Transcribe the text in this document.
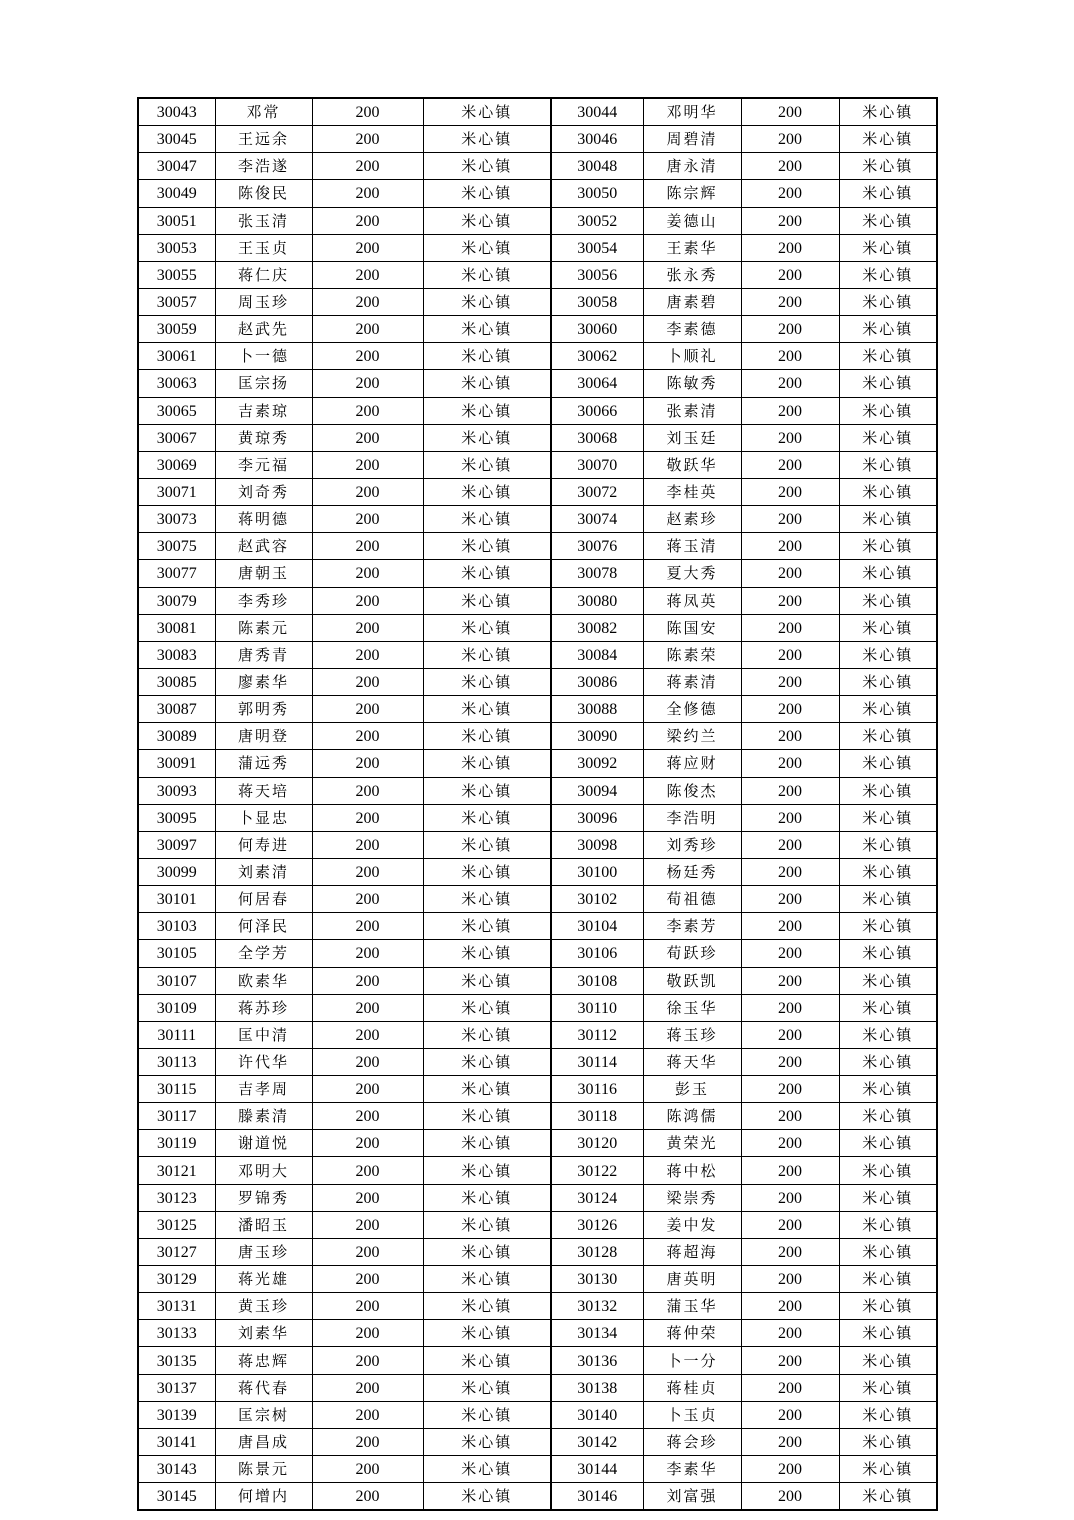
30043	邓常	200	米心镇	30044	邓明华	200	米心镇
30045	王远余	200	米心镇	30046	周碧清	200	米心镇
30047	李浩遂	200	米心镇	30048	唐永清	200	米心镇
30049	陈俊民	200	米心镇	30050	陈宗辉	200	米心镇
30051	张玉清	200	米心镇	30052	姜德山	200	米心镇
30053	王玉贞	200	米心镇	30054	王素华	200	米心镇
30055	蒋仁庆	200	米心镇	30056	张永秀	200	米心镇
30057	周玉珍	200	米心镇	30058	唐素碧	200	米心镇
30059	赵武先	200	米心镇	30060	李素德	200	米心镇
30061	卜一德	200	米心镇	30062	卜顺礼	200	米心镇
30063	匡宗扬	200	米心镇	30064	陈敏秀	200	米心镇
30065	吉素琼	200	米心镇	30066	张素清	200	米心镇
30067	黄琼秀	200	米心镇	30068	刘玉廷	200	米心镇
30069	李元福	200	米心镇	30070	敬跃华	200	米心镇
30071	刘奇秀	200	米心镇	30072	李桂英	200	米心镇
30073	蒋明德	200	米心镇	30074	赵素珍	200	米心镇
30075	赵武容	200	米心镇	30076	蒋玉清	200	米心镇
30077	唐朝玉	200	米心镇	30078	夏大秀	200	米心镇
30079	李秀珍	200	米心镇	30080	蒋凤英	200	米心镇
30081	陈素元	200	米心镇	30082	陈国安	200	米心镇
30083	唐秀青	200	米心镇	30084	陈素荣	200	米心镇
30085	廖素华	200	米心镇	30086	蒋素清	200	米心镇
30087	郭明秀	200	米心镇	30088	全修德	200	米心镇
30089	唐明登	200	米心镇	30090	梁约兰	200	米心镇
30091	蒲远秀	200	米心镇	30092	蒋应财	200	米心镇
30093	蒋天培	200	米心镇	30094	陈俊杰	200	米心镇
30095	卜显忠	200	米心镇	30096	李浩明	200	米心镇
30097	何寿进	200	米心镇	30098	刘秀珍	200	米心镇
30099	刘素清	200	米心镇	30100	杨廷秀	200	米心镇
30101	何居春	200	米心镇	30102	荀祖德	200	米心镇
30103	何泽民	200	米心镇	30104	李素芳	200	米心镇
30105	全学芳	200	米心镇	30106	荀跃珍	200	米心镇
30107	欧素华	200	米心镇	30108	敬跃凯	200	米心镇
30109	蒋苏珍	200	米心镇	30110	徐玉华	200	米心镇
30111	匡中清	200	米心镇	30112	蒋玉珍	200	米心镇
30113	许代华	200	米心镇	30114	蒋天华	200	米心镇
30115	吉孝周	200	米心镇	30116	彭玉	200	米心镇
30117	滕素清	200	米心镇	30118	陈鸿儒	200	米心镇
30119	谢道悦	200	米心镇	30120	黄荣光	200	米心镇
30121	邓明大	200	米心镇	30122	蒋中松	200	米心镇
30123	罗锦秀	200	米心镇	30124	梁崇秀	200	米心镇
30125	潘昭玉	200	米心镇	30126	姜中发	200	米心镇
30127	唐玉珍	200	米心镇	30128	蒋超海	200	米心镇
30129	蒋光雄	200	米心镇	30130	唐英明	200	米心镇
30131	黄玉珍	200	米心镇	30132	蒲玉华	200	米心镇
30133	刘素华	200	米心镇	30134	蒋仲荣	200	米心镇
30135	蒋忠辉	200	米心镇	30136	卜一分	200	米心镇
30137	蒋代春	200	米心镇	30138	蒋桂贞	200	米心镇
30139	匡宗树	200	米心镇	30140	卜玉贞	200	米心镇
30141	唐昌成	200	米心镇	30142	蒋会珍	200	米心镇
30143	陈景元	200	米心镇	30144	李素华	200	米心镇
30145	何增内	200	米心镇	30146	刘富强	200	米心镇
